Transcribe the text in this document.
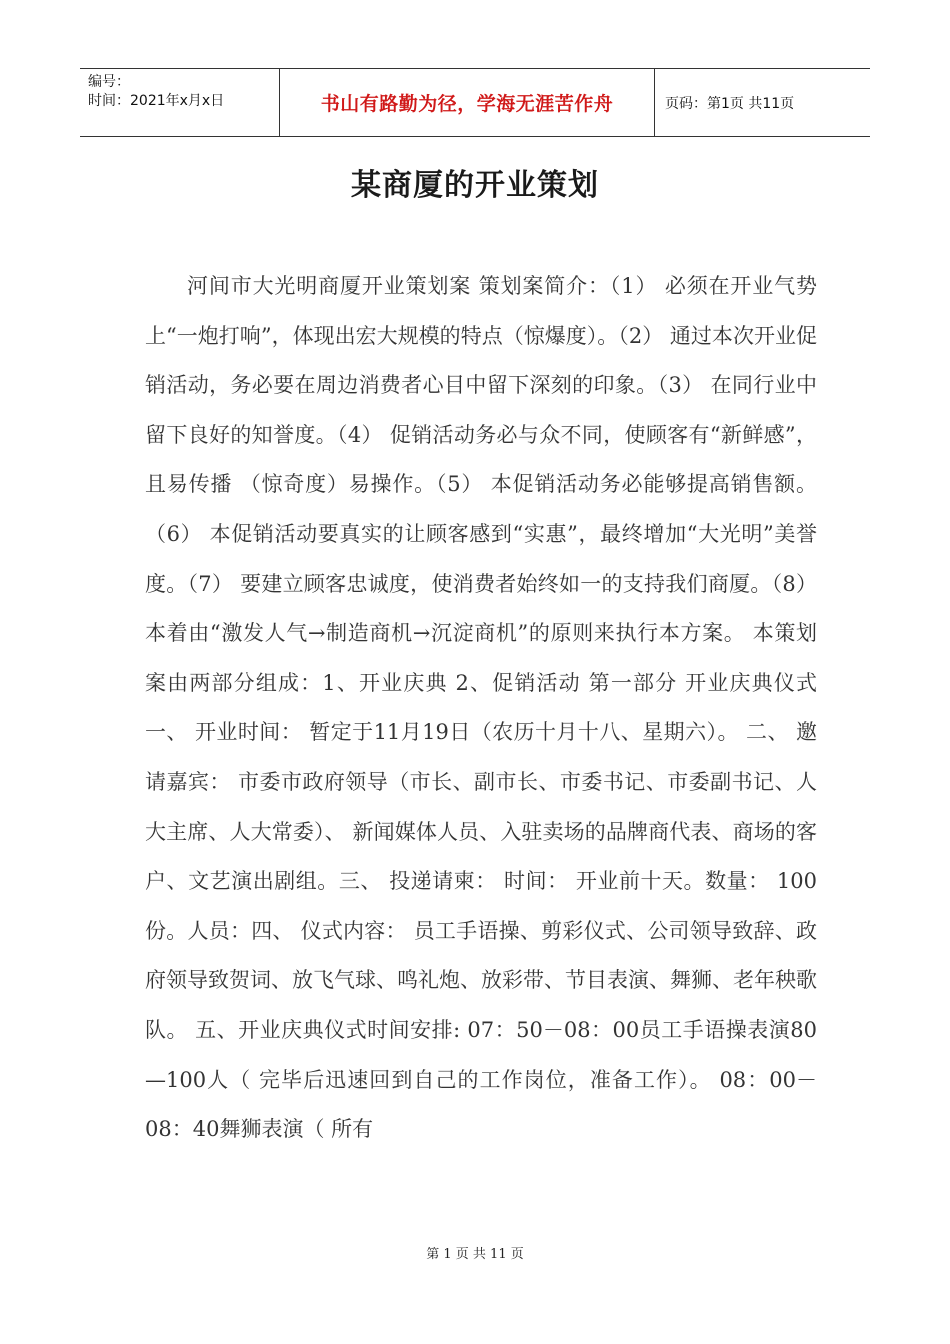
编号：
时间：2021年x月x日	书山有路勤为径，学海无涯苦作舟	页码：第1页 共11页
某商厦的开业策划

河间市大光明商厦开业策划案 策划案简介：（1） 必须在开业气势上“一炮打响”，体现出宏大规模的特点（惊爆度）。（2） 通过本次开业促销活动，务必要在周边消费者心目中留下深刻的印象。（3） 在同行业中留下良好的知誉度。（4） 促销活动务必与众不同，使顾客有“新鲜感”，且易传播 （惊奇度）易操作。（5） 本促销活动务必能够提高销售额。（6） 本促销活动要真实的让顾客感到“实惠”，最终增加“大光明”美誉度。（7） 要建立顾客忠诚度，使消费者始终如一的支持我们商厦。（8） 本着由“激发人气→制造商机→沉淀商机”的原则来执行本方案。 本策划案由两部分组成：1、开业庆典 2、促销活动 第一部分 开业庆典仪式 一、 开业时间： 暂定于11月19日（农历十月十八、星期六）。 二、 邀请嘉宾： 市委市政府领导（市长、副市长、市委书记、市委副书记、人大主席、人大常委）、 新闻媒体人员、入驻卖场的品牌商代表、商场的客户、文艺演出剧组。三、 投递请柬： 时间： 开业前十天。数量： 100份。人员：四、 仪式内容： 员工手语操、剪彩仪式、公司领导致辞、政府领导致贺词、放飞气球、鸣礼炮、放彩带、节目表演、舞狮、老年秧歌队。 五、开业庆典仪式时间安排: 07：50－08：00员工手语操表演80—100人（ 完毕后迅速回到自己的工作岗位，准备工作）。 08：00－08：40舞狮表演（ 所有

第 1 页 共 11 页
